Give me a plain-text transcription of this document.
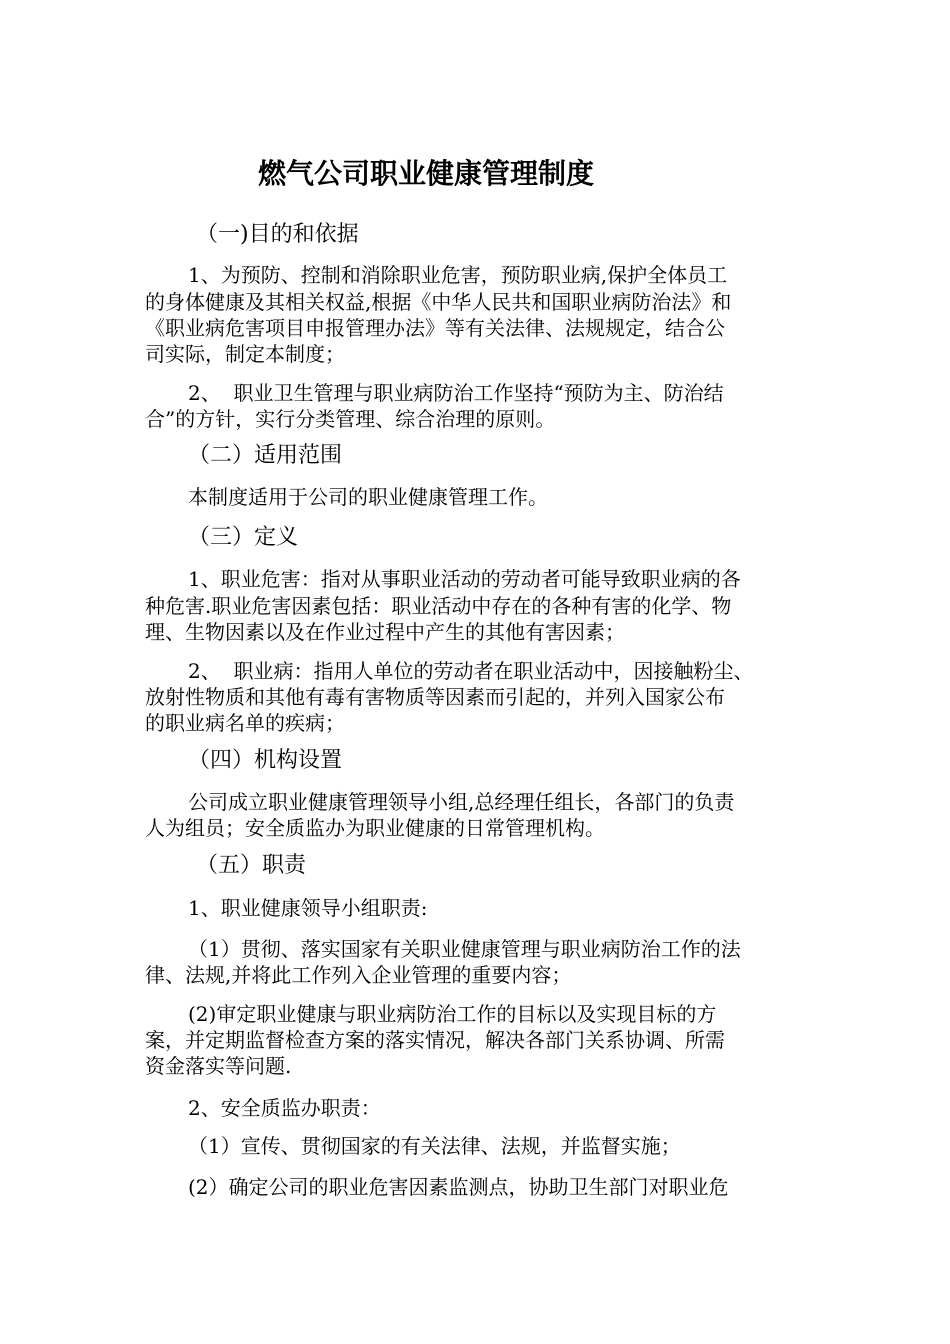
燃气公司职业健康管理制度
（一)目的和依据
1、为预防、控制和消除职业危害，预防职业病,保护全体员工
的身体健康及其相关权益,根据《中华人民共和国职业病防治法》和
《职业病危害项目申报管理办法》等有关法律、法规规定，结合公
司实际，制定本制度；
2、  职业卫生管理与职业病防治工作坚持“预防为主、防治结
合”的方针，实行分类管理、综合治理的原则。
（二）适用范围
本制度适用于公司的职业健康管理工作。
（三）定义
1、职业危害：指对从事职业活动的劳动者可能导致职业病的各
种危害.职业危害因素包括：职业活动中存在的各种有害的化学、物
理、生物因素以及在作业过程中产生的其他有害因素；
2、  职业病：指用人单位的劳动者在职业活动中，因接触粉尘、
放射性物质和其他有毒有害物质等因素而引起的，并列入国家公布
的职业病名单的疾病；
（四）机构设置
公司成立职业健康管理领导小组,总经理任组长，各部门的负责
人为组员；安全质监办为职业健康的日常管理机构。
（五）职责
1、职业健康领导小组职责:
（1）贯彻、落实国家有关职业健康管理与职业病防治工作的法
律、法规,并将此工作列入企业管理的重要内容；
(2)审定职业健康与职业病防治工作的目标以及实现目标的方
案，并定期监督检查方案的落实情况，解决各部门关系协调、所需
资金落实等问题.
2、安全质监办职责：
（1）宣传、贯彻国家的有关法律、法规，并监督实施；
(2）确定公司的职业危害因素监测点，协助卫生部门对职业危
